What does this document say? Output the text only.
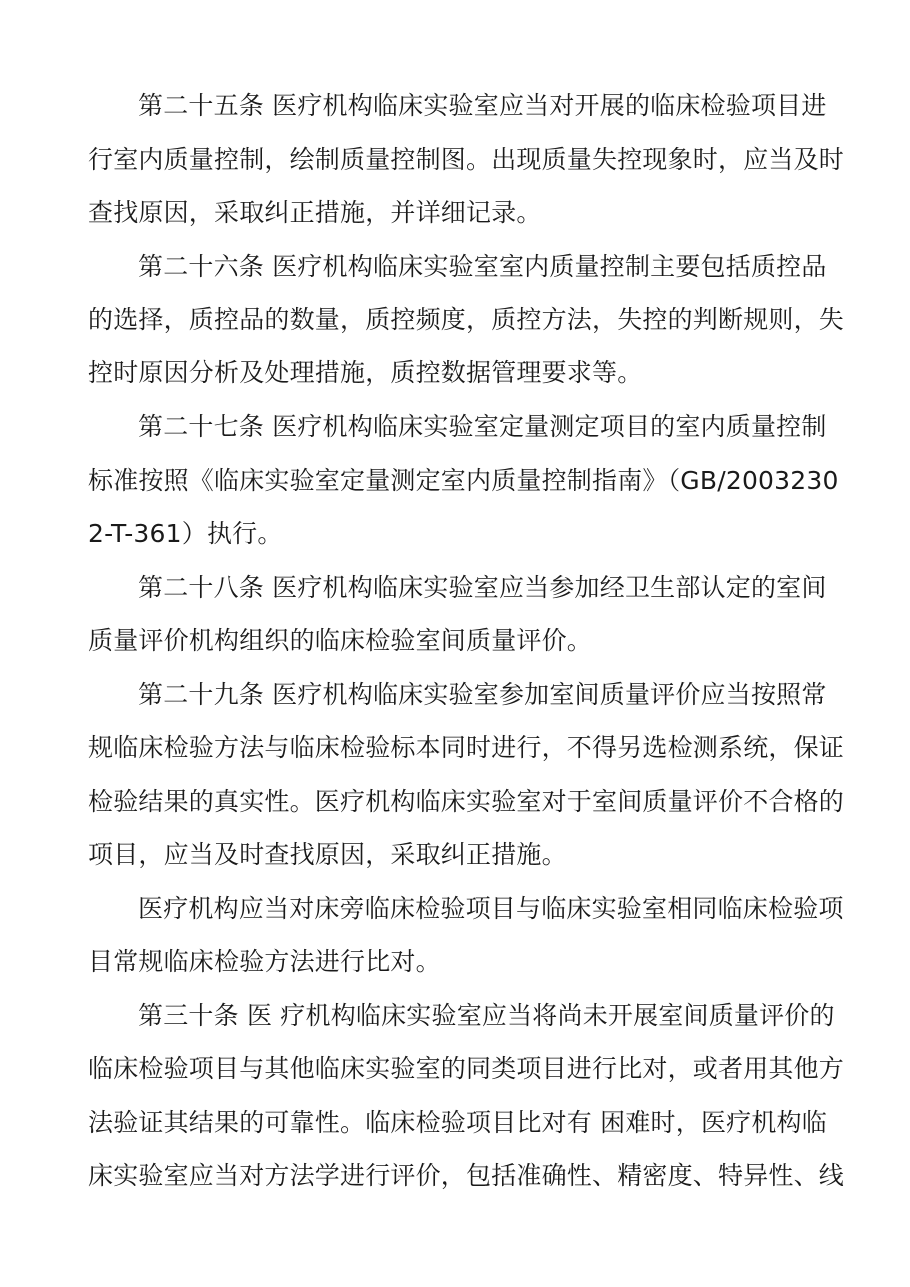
第二十五条 医疗机构临床实验室应当对开展的临床检验项目进

行室内质量控制，绘制质量控制图。出现质量失控现象时，应当及时

查找原因，采取纠正措施，并详细记录。

第二十六条 医疗机构临床实验室室内质量控制主要包括质控品

的选择，质控品的数量，质控频度，质控方法，失控的判断规则，失

控时原因分析及处理措施，质控数据管理要求等。

第二十七条 医疗机构临床实验室定量测定项目的室内质量控制

标准按照《临床实验室定量测定室内质量控制指南》（GB/2003230

2-T-361）执行。

第二十八条 医疗机构临床实验室应当参加经卫生部认定的室间

质量评价机构组织的临床检验室间质量评价。

第二十九条 医疗机构临床实验室参加室间质量评价应当按照常

规临床检验方法与临床检验标本同时进行，不得另选检测系统，保证

检验结果的真实性。医疗机构临床实验室对于室间质量评价不合格的

项目，应当及时查找原因，采取纠正措施。

医疗机构应当对床旁临床检验项目与临床实验室相同临床检验项

目常规临床检验方法进行比对。

第三十条 医 疗机构临床实验室应当将尚未开展室间质量评价的

临床检验项目与其他临床实验室的同类项目进行比对，或者用其他方

法验证其结果的可靠性。临床检验项目比对有 困难时，医疗机构临

床实验室应当对方法学进行评价，包括准确性、精密度、特异性、线
